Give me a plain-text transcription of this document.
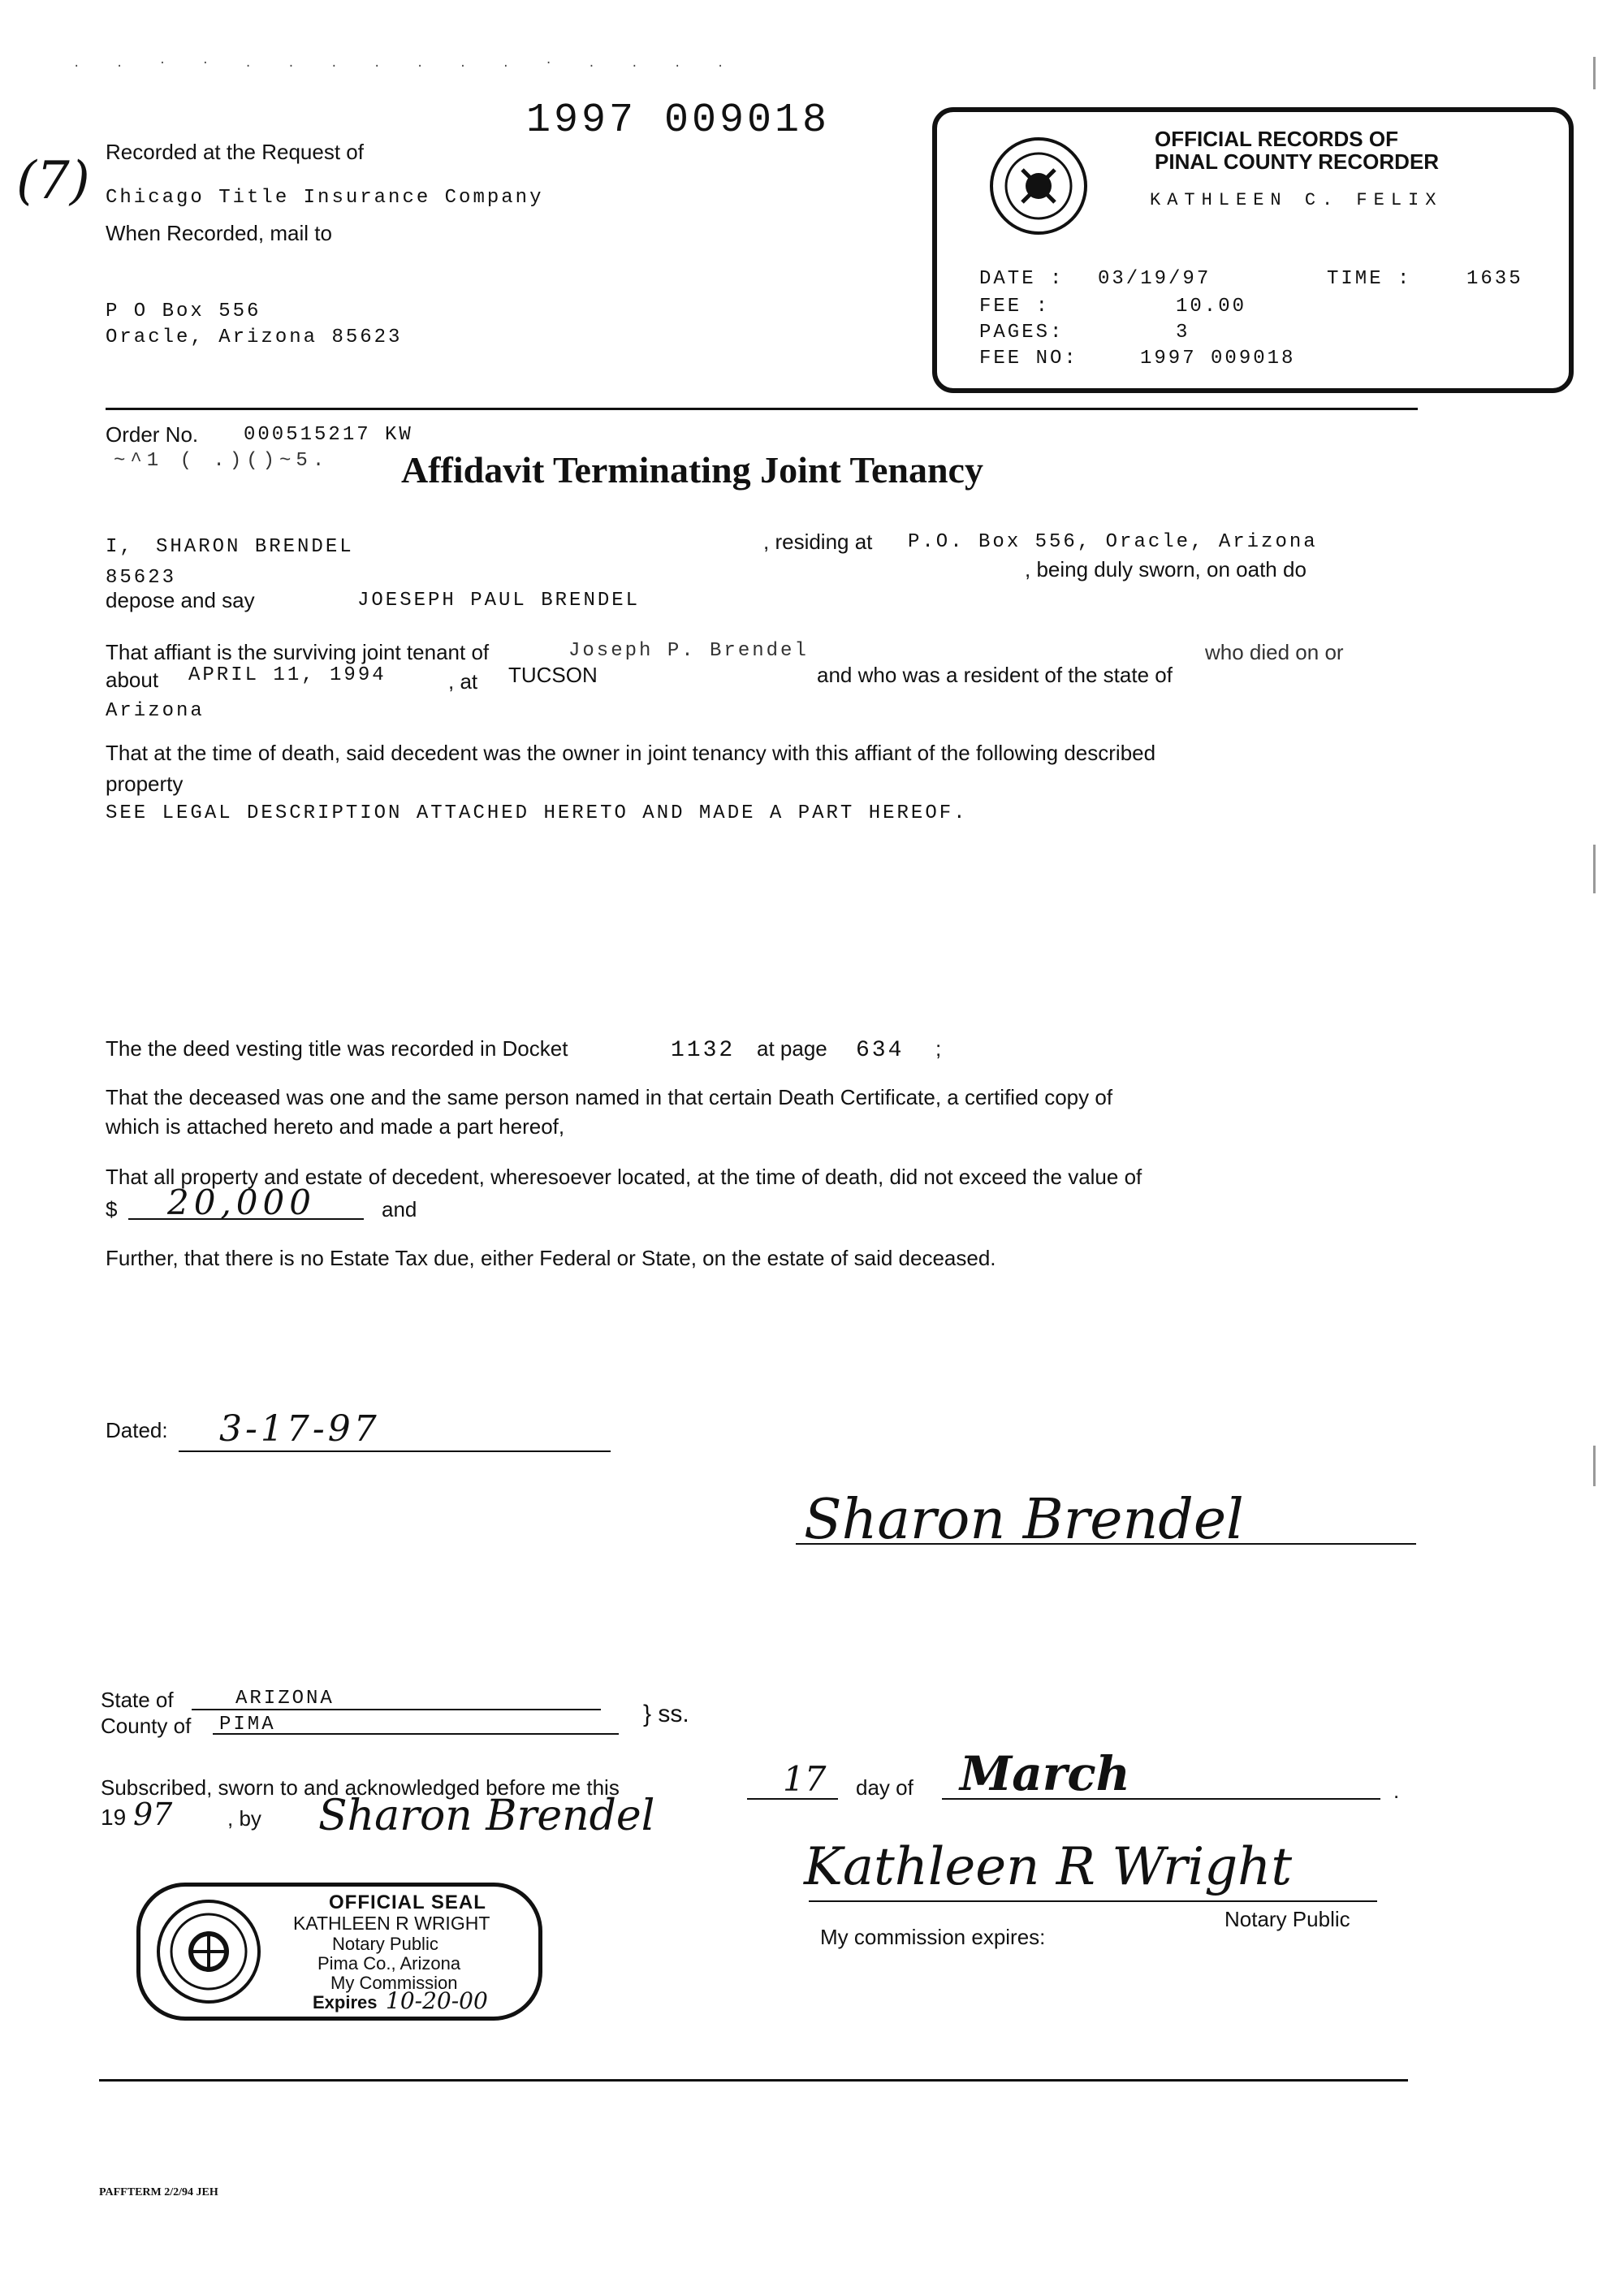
. . · · . . . . . . . · . . . .
(7)
1997 009018
Recorded at the Request of
Chicago Title Insurance Company
When Recorded, mail to
P O Box 556
Oracle, Arizona 85623
OFFICIAL RECORDS OF
PINAL COUNTY RECORDER
KATHLEEN C. FELIX
DATE : 03/19/97	TIME :	1635
FEE :	10.00
PAGES:	3
FEE NO:	1997 009018
Order No. 000515217 KW
~^1 ( .)()~5. Affidavit Terminating Joint Tenancy
I, SHARON BRENDEL	, residing at P.O. Box 556, Oracle, Arizona
85623	, being duly sworn, on oath do
depose and say	JOESEPH PAUL BRENDEL
That affiant is the surviving joint tenant of	Joseph P. Brendel	who died on or
about APRIL 11, 1994	, at TUCSON	and who was a resident of the state of
Arizona
That at the time of death, said decedent was the owner in joint tenancy with this affiant of the following described
property
SEE LEGAL DESCRIPTION ATTACHED HERETO AND MADE A PART HEREOF.
The the deed vesting title was recorded in Docket	1132 at page 634 ;
That the deceased was one and the same person named in that certain Death Certificate, a certified copy of
which is attached hereto and made a part hereof,
That all property and estate of decedent, wheresoever located, at the time of death, did not exceed the value of
$ 20,000	and
Further, that there is no Estate Tax due, either Federal or State, on the estate of said deceased.
Dated: 3-17-97
Sharon Brendel
State of	ARIZONA
County of PIMA	} ss.
Subscribed, sworn to and acknowledged before me this	17 day of March	.
19 97	, by Sharon Brendel
Kathleen R Wright
Notary Public
My commission expires:
OFFICIAL SEAL
KATHLEEN R WRIGHT
Notary Public
Pima Co., Arizona
My Commission
Expires 10-20-00
PAFFTERM 2/2/94 JEH
